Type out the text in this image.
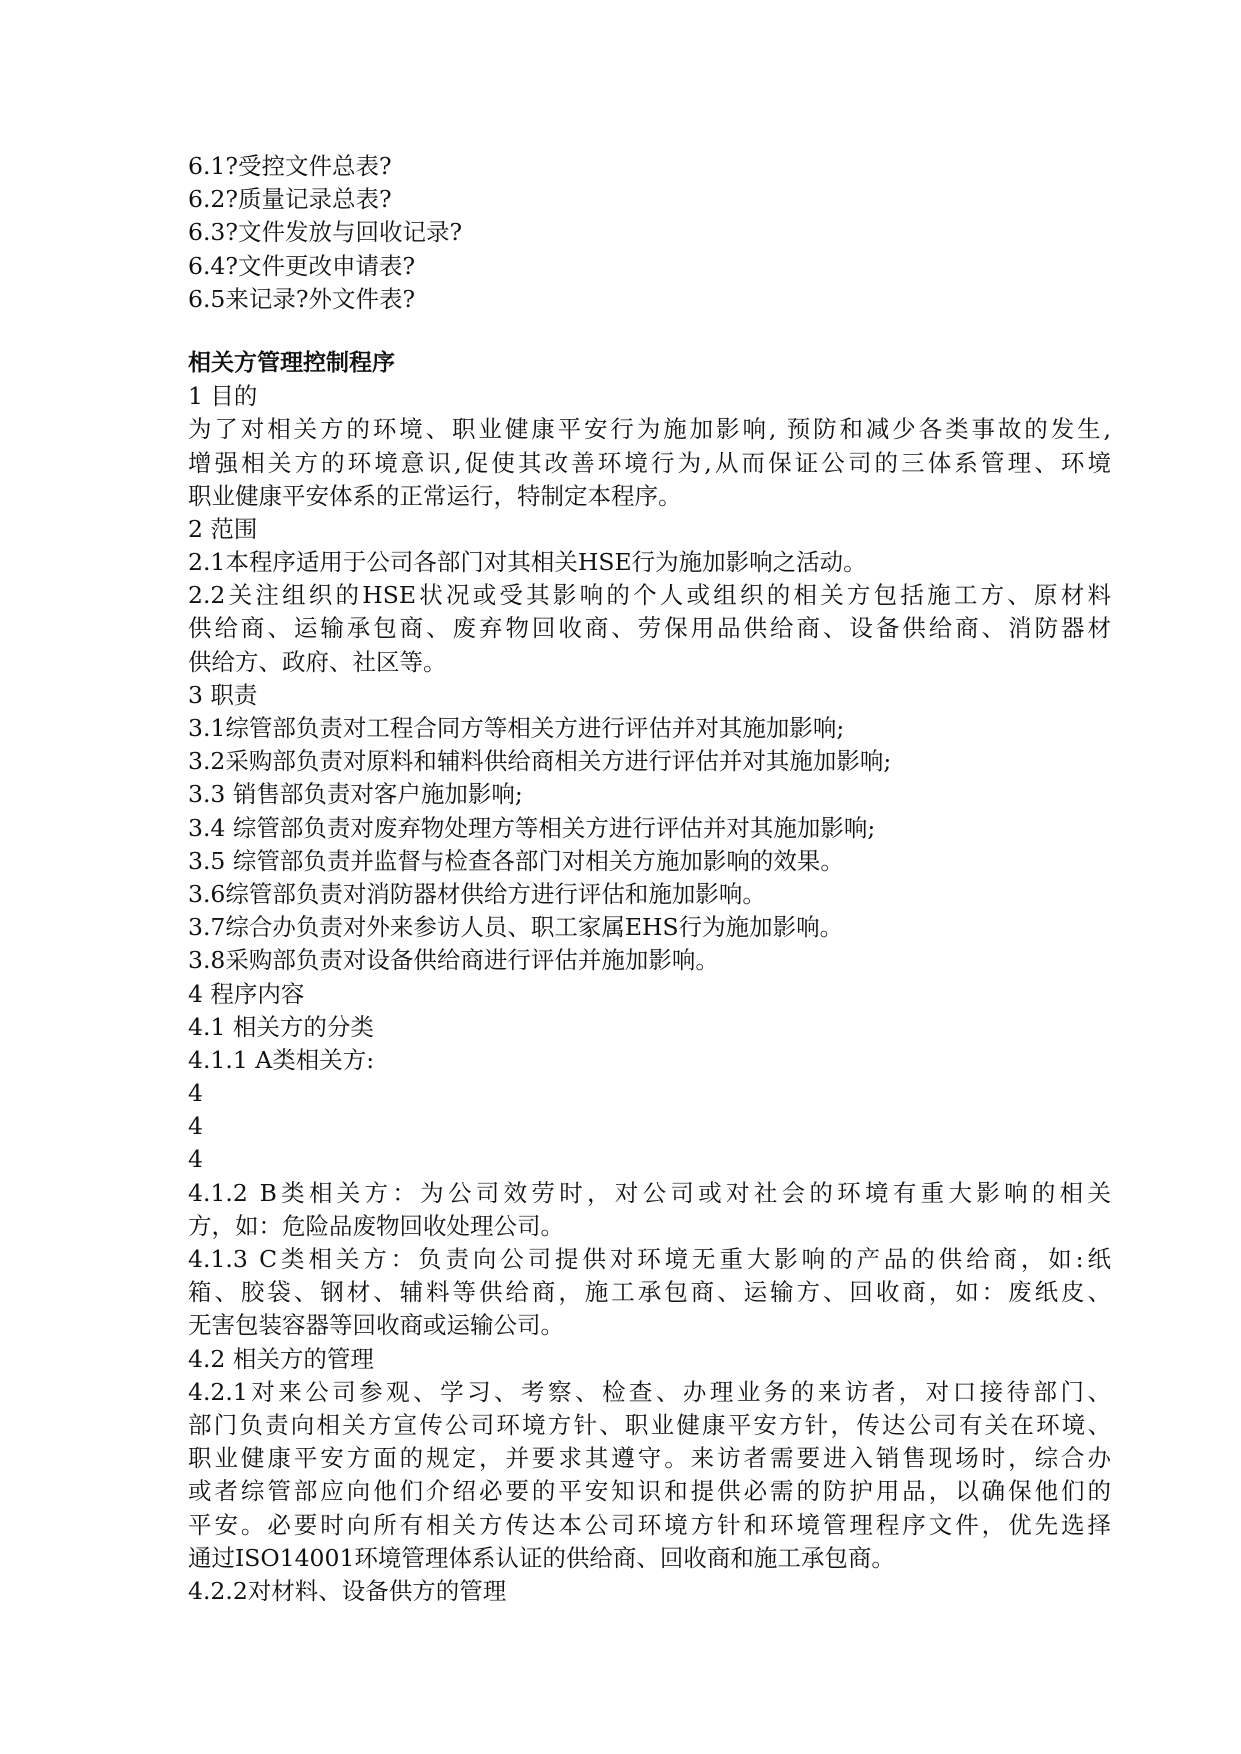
6.1?受控文件总表?
6.2?质量记录总表?
6.3?文件发放与回收记录?
6.4?文件更改申请表?
6.5来记录?外文件表?
相关方管理控制程序
1 目的
为了对相关方的环境、职业健康平安行为施加影响, 预防和减少各类事故的发生,
增强相关方的环境意识,促使其改善环境行为,从而保证公司的三体系管理、环境
职业健康平安体系的正常运行，特制定本程序。
2 范围
2.1本程序适用于公司各部门对其相关HSE行为施加影响之活动。
2.2关注组织的HSE状况或受其影响的个人或组织的相关方包括施工方、原材料
供给商、运输承包商、废弃物回收商、劳保用品供给商、设备供给商、消防器材
供给方、政府、社区等。
3 职责
3.1综管部负责对工程合同方等相关方进行评估并对其施加影响;
3.2采购部负责对原料和辅料供给商相关方进行评估并对其施加影响;
3.3 销售部负责对客户施加影响;
3.4 综管部负责对废弃物处理方等相关方进行评估并对其施加影响;
3.5 综管部负责并监督与检查各部门对相关方施加影响的效果。
3.6综管部负责对消防器材供给方进行评估和施加影响。
3.7综合办负责对外来参访人员、职工家属EHS行为施加影响。
3.8采购部负责对设备供给商进行评估并施加影响。
4 程序内容
4.1 相关方的分类
4.1.1 A类相关方:
4
4
4
4.1.2 B类相关方：为公司效劳时，对公司或对社会的环境有重大影响的相关
方，如：危险品废物回收处理公司。
4.1.3 C类相关方：负责向公司提供对环境无重大影响的产品的供给商，如:纸
箱、胶袋、钢材、辅料等供给商，施工承包商、运输方、回收商，如：废纸皮、
无害包装容器等回收商或运输公司。
4.2 相关方的管理
4.2.1对来公司参观、学习、考察、检查、办理业务的来访者，对口接待部门、
部门负责向相关方宣传公司环境方针、职业健康平安方针，传达公司有关在环境、
职业健康平安方面的规定，并要求其遵守。来访者需要进入销售现场时，综合办
或者综管部应向他们介绍必要的平安知识和提供必需的防护用品，以确保他们的
平安。必要时向所有相关方传达本公司环境方针和环境管理程序文件，优先选择
通过ISO14001环境管理体系认证的供给商、回收商和施工承包商。
4.2.2对材料、设备供方的管理
